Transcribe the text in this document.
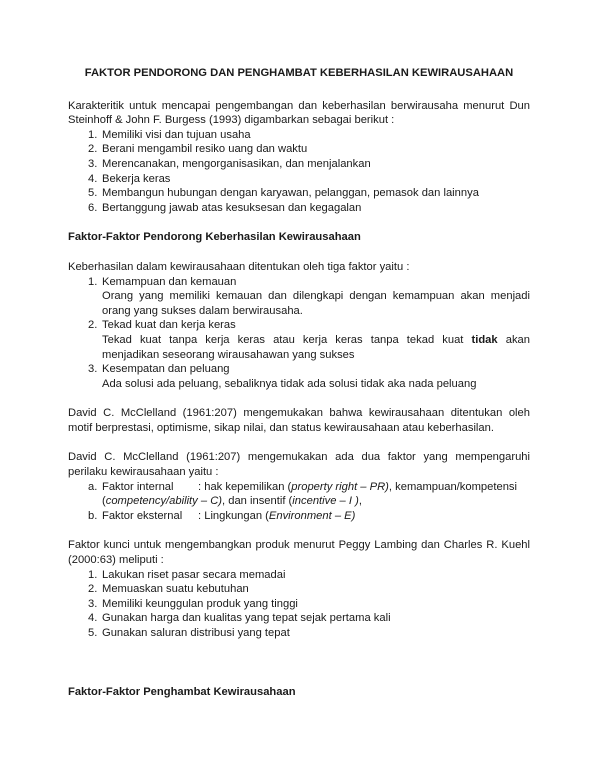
FAKTOR PENDORONG DAN PENGHAMBAT KEBERHASILAN KEWIRAUSAHAAN

Karakteritik untuk mencapai pengembangan dan keberhasilan berwirausaha menurut Dun Steinhoff & John F. Burgess (1993) digambarkan sebagai berikut :

1. Memiliki visi dan tujuan usaha
2. Berani mengambil resiko uang dan waktu
3. Merencanakan, mengorganisasikan, dan menjalankan
4. Bekerja keras
5. Membangun hubungan dengan karyawan, pelanggan, pemasok dan lainnya
6. Bertanggung jawab atas kesuksesan dan kegagalan
Faktor-Faktor Pendorong Keberhasilan Kewirausahaan

Keberhasilan dalam kewirausahaan ditentukan oleh tiga faktor yaitu :

1. Kemampuan dan kemauan
Orang yang memiliki kemauan dan dilengkapi dengan kemampuan akan menjadi orang yang sukses dalam berwirausaha.
2. Tekad kuat dan kerja keras
Tekad kuat tanpa kerja keras atau kerja keras tanpa tekad kuat tidak akan menjadikan seseorang wirausahawan yang sukses
3. Kesempatan dan peluang
Ada solusi ada peluang, sebaliknya tidak ada solusi tidak aka nada peluang

David C. McClelland (1961:207) mengemukakan bahwa kewirausahaan ditentukan oleh motif berprestasi, optimisme, sikap nilai, dan status kewirausahaan atau keberhasilan.

David C. McClelland (1961:207) mengemukakan ada dua faktor yang mempengaruhi perilaku kewirausahaan yaitu :

a. Faktor internal : hak kepemilikan (property right – PR), kemampuan/kompetensi (competency/ability – C), dan insentif (incentive – I ),
b. Faktor eksternal : Lingkungan (Environment – E)

Faktor kunci untuk mengembangkan produk menurut Peggy Lambing dan Charles R. Kuehl (2000:63) meliputi :

1. Lakukan riset pasar secara memadai
2. Memuaskan suatu kebutuhan
3. Memiliki keunggulan produk yang tinggi
4. Gunakan harga dan kualitas yang tepat sejak pertama kali
5. Gunakan saluran distribusi yang tepat
Faktor-Faktor Penghambat Kewirausahaan
